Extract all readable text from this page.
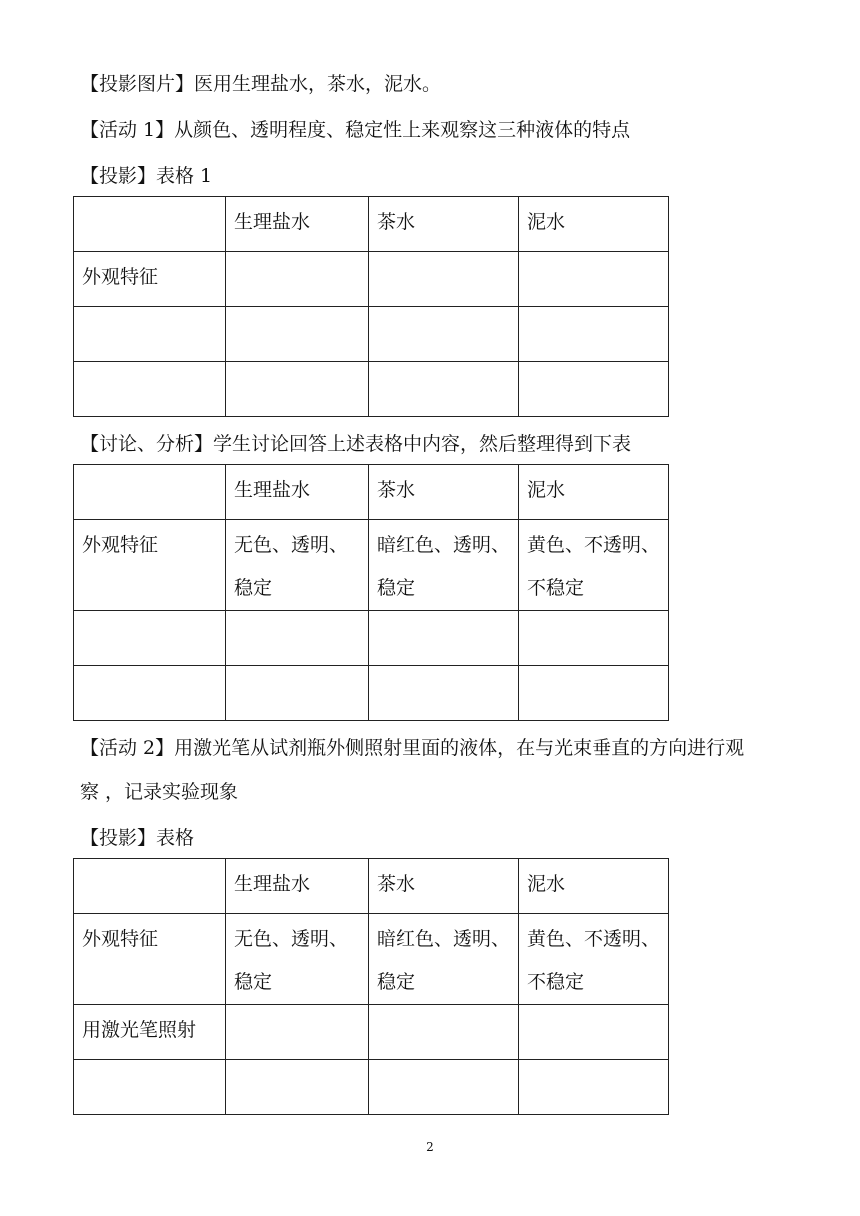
【投影图片】医用生理盐水，茶水，泥水。
【活动 1】从颜色、透明程度、稳定性上来观察这三种液体的特点
【投影】表格 1

	生理盐水	茶水	泥水

外观特征			

【讨论、分析】学生讨论回答上述表格中内容，然后整理得到下表

	生理盐水	茶水	泥水

外观特征	无色、透明、稳定	暗红色、透明、稳定	黄色、不透明、不稳定

【活动 2】用激光笔从试剂瓶外侧照射里面的液体，在与光束垂直的方向进行观
察 ，记录实验现象
【投影】表格

	生理盐水	茶水	泥水

外观特征	无色、透明、稳定	暗红色、透明、稳定	黄色、不透明、不稳定

用激光笔照射			

2
